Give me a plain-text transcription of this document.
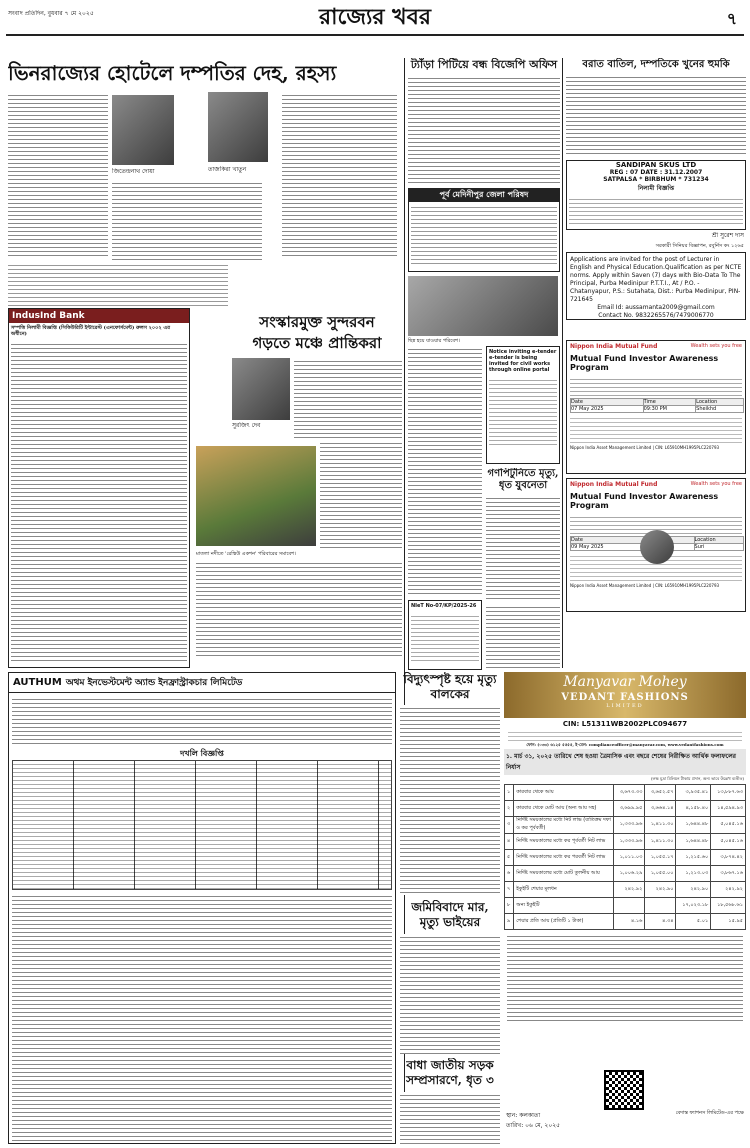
সংবাদ প্রতিদিন, বুধবার ৭ মে ২০২৫	রাজ্যের খবর	৭
ভিনরাজ্যের হোটেলে দম্পতির দেহ, রহস্য
জিতেন্দ্রনাথ দোয়া	তাজকিরা খাতুন
সংস্কারমুক্ত সুন্দরবন
গড়তে মঞ্চে প্রান্তিকরা
সুরজিৎ দেব
মাতলা নদীতে 'রেস্কিউ একশন' পরিবারের সমাবেশ।
IndusInd Bank
সম্পত্তি নিলামী বিজ্ঞপ্তি (সিকিউরিটি ইন্টারেস্ট (এনফোর্সমেন্ট) রুলস ২০০২ এর অধীনে)
AUTHUM অথম ইনভেস্টমেন্ট অ্যান্ড ইনফ্রাস্ট্রাকচার লিমিটেড
দখলি বিজ্ঞপ্তি
বিদ্যুৎস্পৃষ্ট হয়ে মৃত্যু বালকের
জমিবিবাদে মার, মৃত্যু ভাইয়ের
বাধা জাতীয় সড়ক সম্প্রসারণে, ধৃত ৩
ট্যাঁড়া পিটিয়ে বন্ধ বিজেপি অফিস
পূর্ব মেদিনীপুর জেলা পরিষদ
ছিন্ন হয়ে যাওয়ার পরিবেশ।
Notice inviting e-tender e-tender is being invited for civil works through online portal
গণপিটুনিতে মৃত্যু, ধৃত যুবনেতা
NIeT No-07/KP/2025-26
বরাত বাতিল, দম্পতিকে খুনের হুমকি
SANDIPAN SKUS LTD
REG : 07 DATE : 31.12.2007
SATPALSA * BIRBHUM * 731234
নিলামী বিজ্ঞপ্তি
শ্রী সুরেশ দাস
সরকারী সিনিয়র বিজ্ঞাপন, রবুর্নিস কং ১২৬৫
Applications are invited for the post of Lecturer in English and Physical Education.Qualification as per NCTE norms. Apply within Saven (7) days with Bio-Data To The Principal, Purba Medinipur P.T.T.I., At / P.O. - Chatanyapur, P.S.: Sutahata, Dist.: Purba Medinipur, PIN-721645
Email Id: aussamanta2009@gmail.com
Contact No. 9832265576/7479006770
Nippon India Mutual Fund	Wealth sets you free
Mutual Fund Investor Awareness Program
Date	Time	Location
07 May 2025	09:30 PM	Sheikhd
Nippon India Asset Management Limited | CIN: L65910MH1995PLC220793
Nippon India Mutual Fund	Wealth sets you free
Mutual Fund Investor Awareness Program
Date		Location
09 May 2025		Suri
Nippon India Asset Management Limited | CIN: L65910MH1995PLC220793
Manyavar Mohey
VEDANT FASHIONS
LIMITED
CIN: L51311WB2002PLC094677
ফোন: (০৩৩) ৬১২৫ ৫৫৫৫, ই-মেল: complianceofficer@manyavar.com, www.vedantfashions.com
১. মার্চ ৩১, ২০২৫ তারিখে শেষ হওয়া ত্রৈমাসিক এবং বছরে শেষের নিরীক্ষিত আর্থিক ফলাফলের নির্যাস
(লক্ষ মুদ্রা মিলিয়ন টাকায় প্রদান, অন্য ভাবে উল্লেখ ব্যতীত)
১	কারবার থেকে আয়	৩,৬৭৩.৩৩	৩,৬৫২.৫৭	৩,৯৩৫.৪১	১৩,৮৮৭.৬৩
২	কারবার থেকে মোট আয় (অন্য আয় সহ)	৩,৬৯৯.৯৫	৩,৬৬৪.১৪	৪,১৫৮.৪০	১৪,৫৯৪.৯৩
৩	নির্দিষ্ট সময়কালের মধ্যে নিট লাভ (ব্যতিক্রম দফা ও কর পূর্ববর্তী)	১,৩৩৩.৯৬	১,৪১১.৩০	১,৬৪৪.৪৮	৫,০৪৫.১৬
৪	নির্দিষ্ট সময়কালের মধ্যে কর পূর্ববর্তী নিট লাভ	১,৩৩৩.৯৬	১,৪১১.৩০	১,৬৪৪.৪৮	৫,০৪৫.১৬
৫	নির্দিষ্ট সময়কালের মধ্যে কর পরবর্তী নিট লাভ	১,০১১.০৩	১,০৫৫.১৭	১,২১৫.৬০	৩,৮৭৪.৪২
৬	নির্দিষ্ট সময়কালের মধ্যে মোট তুলনীয় আয়	১,০০৬.২৯	১,০৫৫.০০	১,২১৩.০৩	৩,৮৬৭.১৬
৭	ইকুইটি শেয়ার মূলধন	২৪২.৯২	২৪২.৯০	২৪২.৯০	২৪২.৯২
৮	অন্য ইকুইটি			১৭,০২৩.১৮	১৮,৫৬৮.৬১
৯	শেয়ার প্রতি আয় (প্রতিটি ১ টাকা)	৪.১৬	৪.৩৪	৫.০১	১৫.৯৫
স্থান: কলকাতা
তারিখ: ০৬ মে, ২০২৫
বেদান্ত ফ্যাশনস লিমিটেড-এর পক্ষে
